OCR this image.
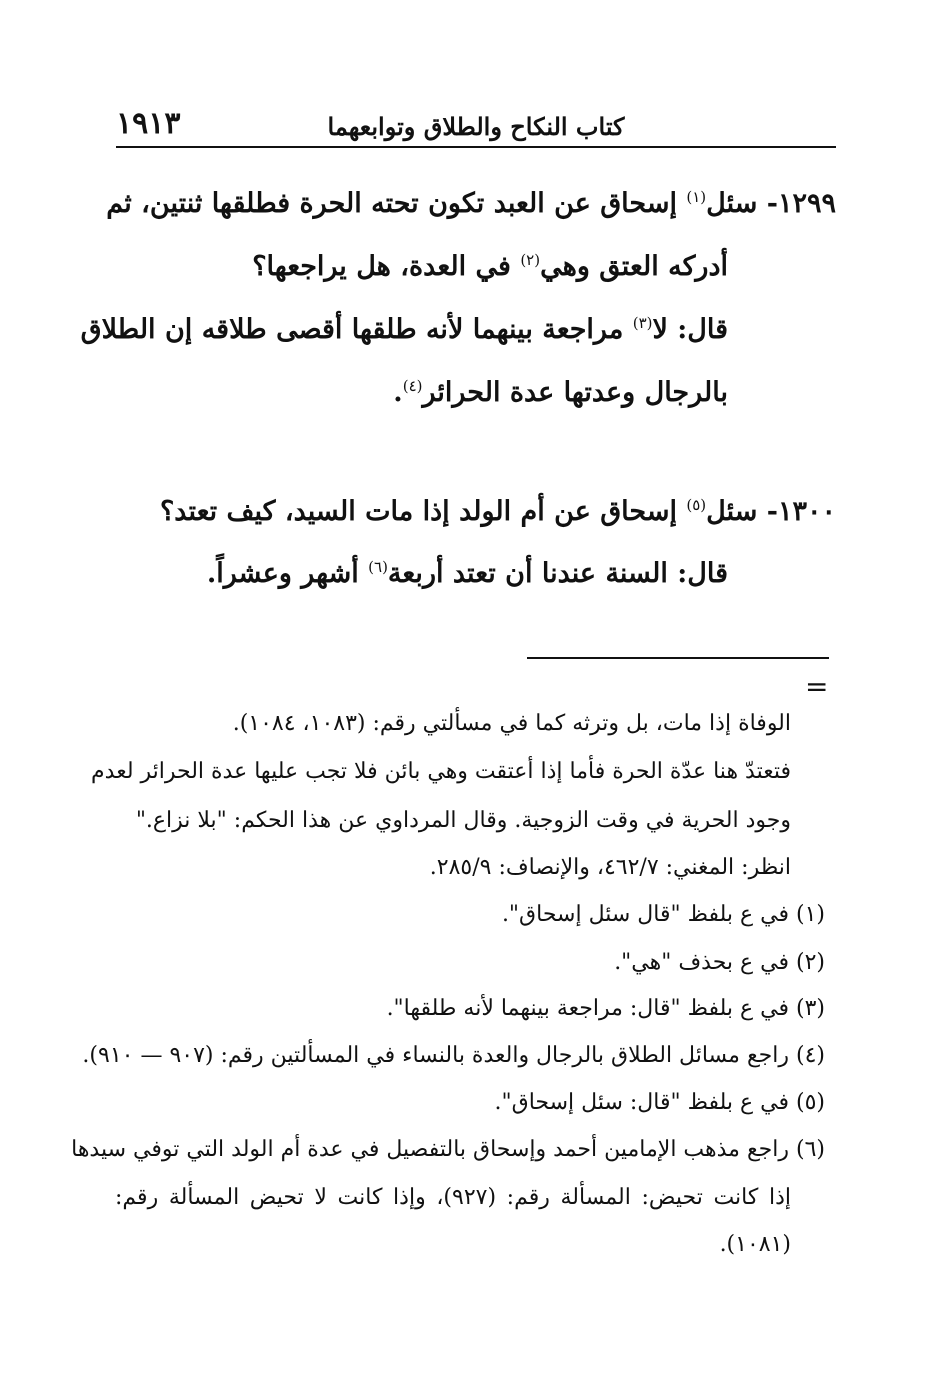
١٩١٣	كتاب النكاح والطلاق وتوابعهما
١٢٩٩- سئل$^{(١)}$ إسحاق عن العبد تكون تحته الحرة فطلقها ثنتين، ثم
أدركه العتق وهي$^{(٢)}$ في العدة، هل يراجعها؟
قال: لا$^{(٣)}$ مراجعة بينهما لأنه طلقها أقصى طلاقه إن الطلاق
بالرجال وعدتها عدة الحرائر$^{(٤)}$.
١٣٠٠- سئل$^{(٥)}$ إسحاق عن أم الولد إذا مات السيد، كيف تعتد؟
قال: السنة عندنا أن تعتد أربعة$^{(٦)}$ أشهر وعشراً.
=
الوفاة إذا مات، بل وترثه كما في مسألتي رقم: (١٠٨٣، ١٠٨٤).
فتعتدّ هنا عدّة الحرة فأما إذا أعتقت وهي بائن فلا تجب عليها عدة الحرائر لعدم
وجود الحرية في وقت الزوجية. وقال المرداوي عن هذا الحكم: "بلا نزاع."
انظر: المغني: ٤٦٢/٧، والإنصاف: ٢٨٥/٩.
(١) في ع بلفظ "قال سئل إسحاق".
(٢) في ع بحذف "هي".
(٣) في ع بلفظ "قال: مراجعة بينهما لأنه طلقها".
(٤) راجع مسائل الطلاق بالرجال والعدة بالنساء في المسألتين رقم: (٩٠٧ — ٩١٠).
(٥) في ع بلفظ "قال: سئل إسحاق".
(٦) راجع مذهب الإمامين أحمد وإسحاق بالتفصيل في عدة أم الولد التي توفي سيدها
إذا كانت تحيض: المسألة رقم: (٩٢٧)، وإذا كانت لا تحيض المسألة رقم:
(١٠٨١).
